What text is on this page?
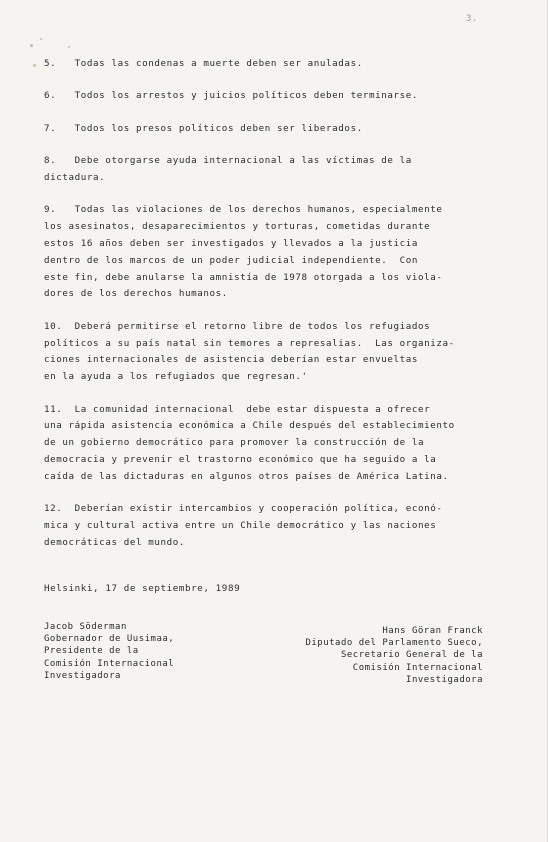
3.

5.   Todas las condenas a muerte deben ser anuladas.

6.   Todos los arrestos y juicios políticos deben terminarse.

7.   Todos los presos políticos deben ser liberados.

8.   Debe otorgarse ayuda internacional a las víctimas de la
dictadura.

9.   Todas las violaciones de los derechos humanos, especialmente
los asesinatos, desaparecimientos y torturas, cometidas durante
estos 16 años deben ser investigados y llevados a la justicia
dentro de los marcos de un poder judicial independiente.  Con
este fin, debe anularse la amnistía de 1978 otorgada a los viola-
dores de los derechos humanos.

10.  Deberá permitirse el retorno libre de todos los refugiados
políticos a su país natal sin temores a represalias.  Las organiza-
ciones internacionales de asistencia deberían estar envueltas
en la ayuda a los refugiados que regresan.'

11.  La comunidad internacional  debe estar dispuesta a ofrecer
una rápida asistencia económica a Chile después del establecimiento
de un gobierno democrático para promover la construcción de la
democracia y prevenir el trastorno económico que ha seguido a la
caída de las dictaduras en algunos otros países de América Latina.

12.  Deberían existir intercambios y cooperación política, econó-
mica y cultural activa entre un Chile democrático y las naciones
democráticas del mundo.

Helsinki, 17 de septiembre, 1989
Jacob Söderman
Gobernador de Uusimaa,
Presidente de la
Comisión Internacional
Investigadora
Hans Göran Franck
Diputado del Parlamento Sueco,
Secretario General de la
Comisión Internacional
Investigadora
